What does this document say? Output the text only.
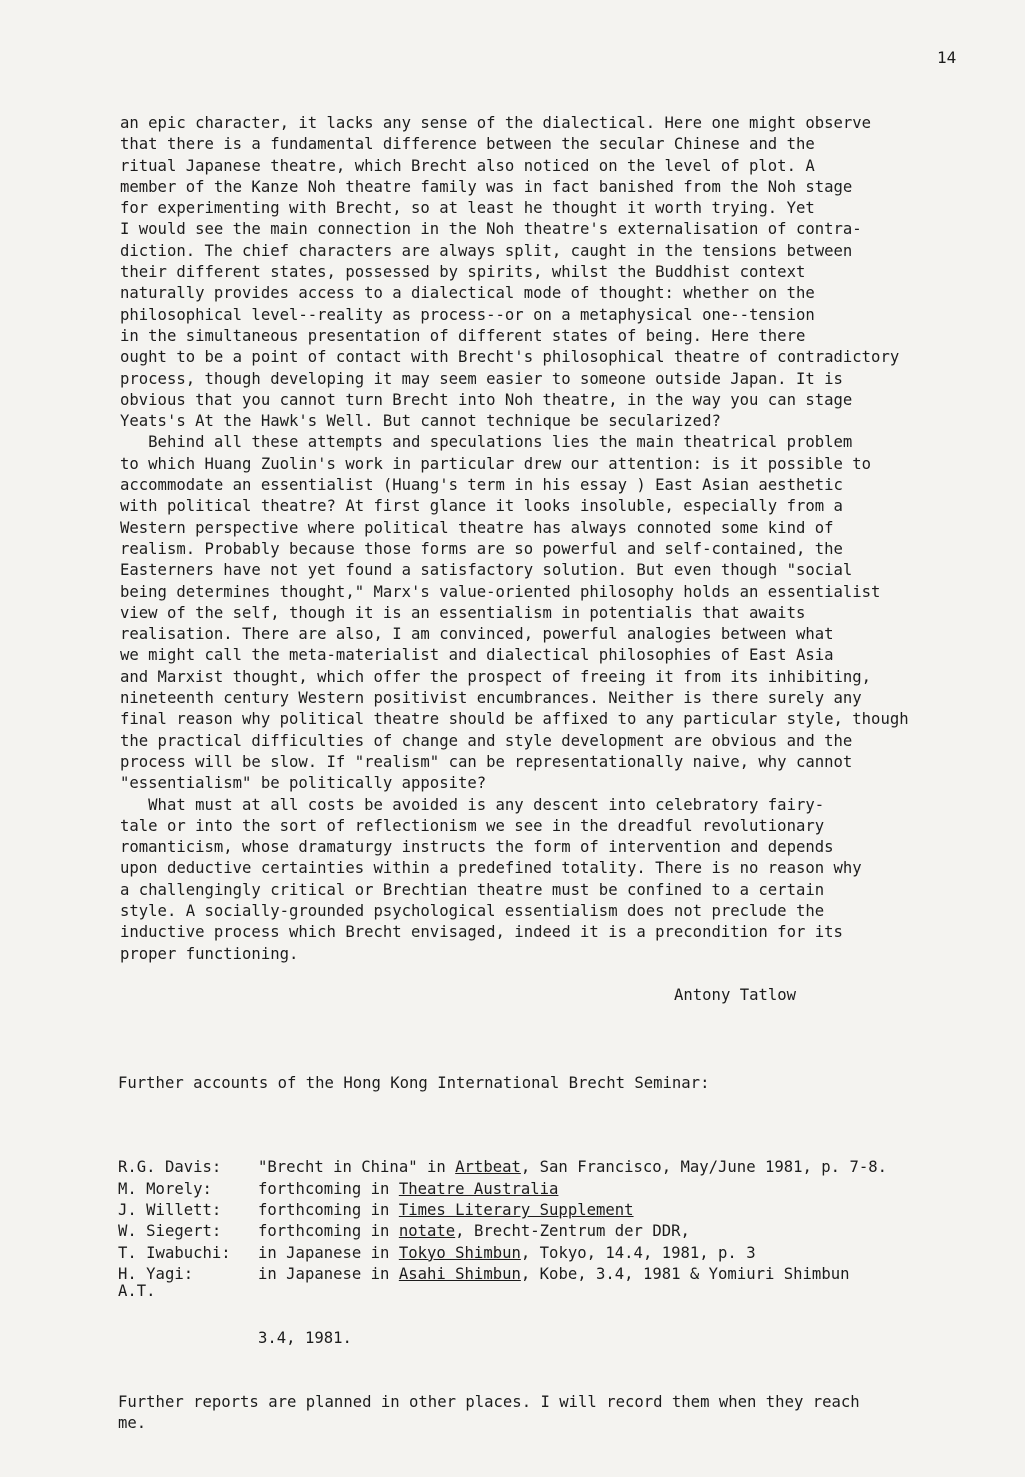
14
an epic character, it lacks any sense of the dialectical. Here one might observe
that there is a fundamental difference between the secular Chinese and the
ritual Japanese theatre, which Brecht also noticed on the level of plot. A
member of the Kanze Noh theatre family was in fact banished from the Noh stage
for experimenting with Brecht, so at least he thought it worth trying. Yet
I would see the main connection in the Noh theatre's externalisation of contra-
diction. The chief characters are always split, caught in the tensions between
their different states, possessed by spirits, whilst the Buddhist context
naturally provides access to a dialectical mode of thought: whether on the
philosophical level--reality as process--or on a metaphysical one--tension
in the simultaneous presentation of different states of being. Here there
ought to be a point of contact with Brecht's philosophical theatre of contradictory
process, though developing it may seem easier to someone outside Japan. It is
obvious that you cannot turn Brecht into Noh theatre, in the way you can stage
Yeats's At the Hawk's Well. But cannot technique be secularized?
Behind all these attempts and speculations lies the main theatrical problem
to which Huang Zuolin's work in particular drew our attention: is it possible to
accommodate an essentialist (Huang's term in his essay ) East Asian aesthetic
with political theatre? At first glance it looks insoluble, especially from a
Western perspective where political theatre has always connoted some kind of
realism. Probably because those forms are so powerful and self-contained, the
Easterners have not yet found a satisfactory solution. But even though "social
being determines thought," Marx's value-oriented philosophy holds an essentialist
view of the self, though it is an essentialism in potentialis that awaits
realisation. There are also, I am convinced, powerful analogies between what
we might call the meta-materialist and dialectical philosophies of East Asia
and Marxist thought, which offer the prospect of freeing it from its inhibiting,
nineteenth century Western positivist encumbrances. Neither is there surely any
final reason why political theatre should be affixed to any particular style, though
the practical difficulties of change and style development are obvious and the
process will be slow. If "realism" can be representationally naive, why cannot
"essentialism" be politically apposite?
What must at all costs be avoided is any descent into celebratory fairy-
tale or into the sort of reflectionism we see in the dreadful revolutionary
romanticism, whose dramaturgy instructs the form of intervention and depends
upon deductive certainties within a predefined totality. There is no reason why
a challengingly critical or Brechtian theatre must be confined to a certain
style. A socially-grounded psychological essentialism does not preclude the
inductive process which Brecht envisaged, indeed it is a precondition for its
proper functioning.
Antony Tatlow

Further accounts of the Hong Kong International Brecht Seminar:

R.G. Davis: "Brecht in China" in Artbeat, San Francisco, May/June 1981, p. 7-8.
M. Morely:	forthcoming in Theatre Australia
J. Willett: forthcoming in Times Literary Supplement
W. Siegert: forthcoming in notate, Brecht-Zentrum der DDR,
T. Iwabuchi: in Japanese in Tokyo Shimbun, Tokyo, 14.4, 1981, p. 3
H. Yagi:	in Japanese in Asahi Shimbun, Kobe, 3.4, 1981 & Yomiuri Shimbun

3.4, 1981.

Further reports are planned in other places. I will record them when they reach
me.

A.T.
